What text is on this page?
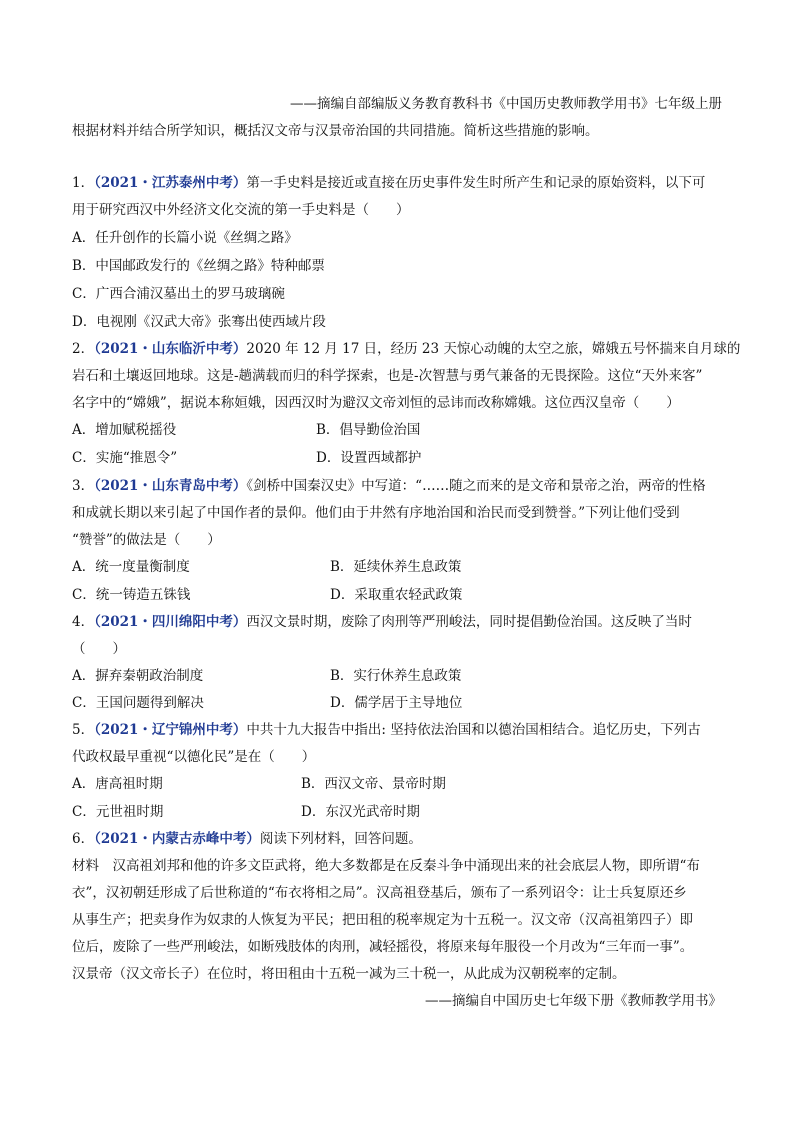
——摘编自部编版义务教育教科书《中国历史教师教学用书》七年级上册
根据材料并结合所学知识，概括汉文帝与汉景帝治国的共同措施。简析这些措施的影响。
1．（2021・江苏泰州中考）第一手史料是接近或直接在历史事件发生时所产生和记录的原始资料，以下可
用于研究西汉中外经济文化交流的第一手史料是（　　）
A．任升创作的长篇小说《丝绸之路》
B．中国邮政发行的《丝绸之路》特种邮票
C．广西合浦汉墓出土的罗马玻璃碗
D．电视刚《汉武大帝》张骞出使西域片段
2．（2021・山东临沂中考）2020 年 12 月 17 日，经历 23 天惊心动魄的太空之旅，嫦娥五号怀揣来自月球的
岩石和土壤返回地球。这是-趟满载而归的科学探索，也是-次智慧与勇气兼备的无畏探险。这位“天外来客”
名字中的“嫦娥”，据说本称姮娥，因西汉时为避汉文帝刘恒的忌讳而改称嫦娥。这位西汉皇帝（　　）
A．增加赋税摇役	B．倡导勤俭治国
C．实施“推恩令”	D．设置西域都护
3．（2021・山东青岛中考）《剑桥中国秦汉史》中写道：“……随之而来的是文帝和景帝之治，两帝的性格
和成就长期以来引起了中国作者的景仰。他们由于井然有序地治国和治民而受到赞誉。”下列让他们受到
“赞誉”的做法是（　　）
A．统一度量衡制度	B．延续休养生息政策
C．统一铸造五铢钱	D．采取重农轻武政策
4．（2021・四川绵阳中考）西汉文景时期，废除了肉刑等严刑峻法，同时提倡勤俭治国。这反映了当时
（　　）
A．摒弃秦朝政治制度	B．实行休养生息政策
C．王国问题得到解决	D．儒学居于主导地位
5．（2021・辽宁锦州中考）中共十九大报告中指出: 坚持依法治国和以德治国相结合。追忆历史，下列古
代政权最早重视“以德化民”是在（　　）
A．唐高祖时期	B．西汉文帝、景帝时期
C．元世祖时期	D．东汉光武帝时期
6．（2021・内蒙古赤峰中考）阅读下列材料，回答问题。
材料　汉高祖刘邦和他的许多文臣武将，绝大多数都是在反秦斗争中涌现出来的社会底层人物，即所谓“布
衣”，汉初朝廷形成了后世称道的“布衣将相之局”。汉高祖登基后，颁布了一系列诏令：让士兵复原还乡
从事生产；把卖身作为奴隶的人恢复为平民；把田租的税率规定为十五税一。汉文帝（汉高祖第四子）即
位后，废除了一些严刑峻法，如断残肢体的肉刑，减轻摇役，将原来每年服役一个月改为“三年而一事”。
汉景帝（汉文帝长子）在位时，将田租由十五税一减为三十税一，从此成为汉朝税率的定制。
——摘编自中国历史七年级下册《教师教学用书》
